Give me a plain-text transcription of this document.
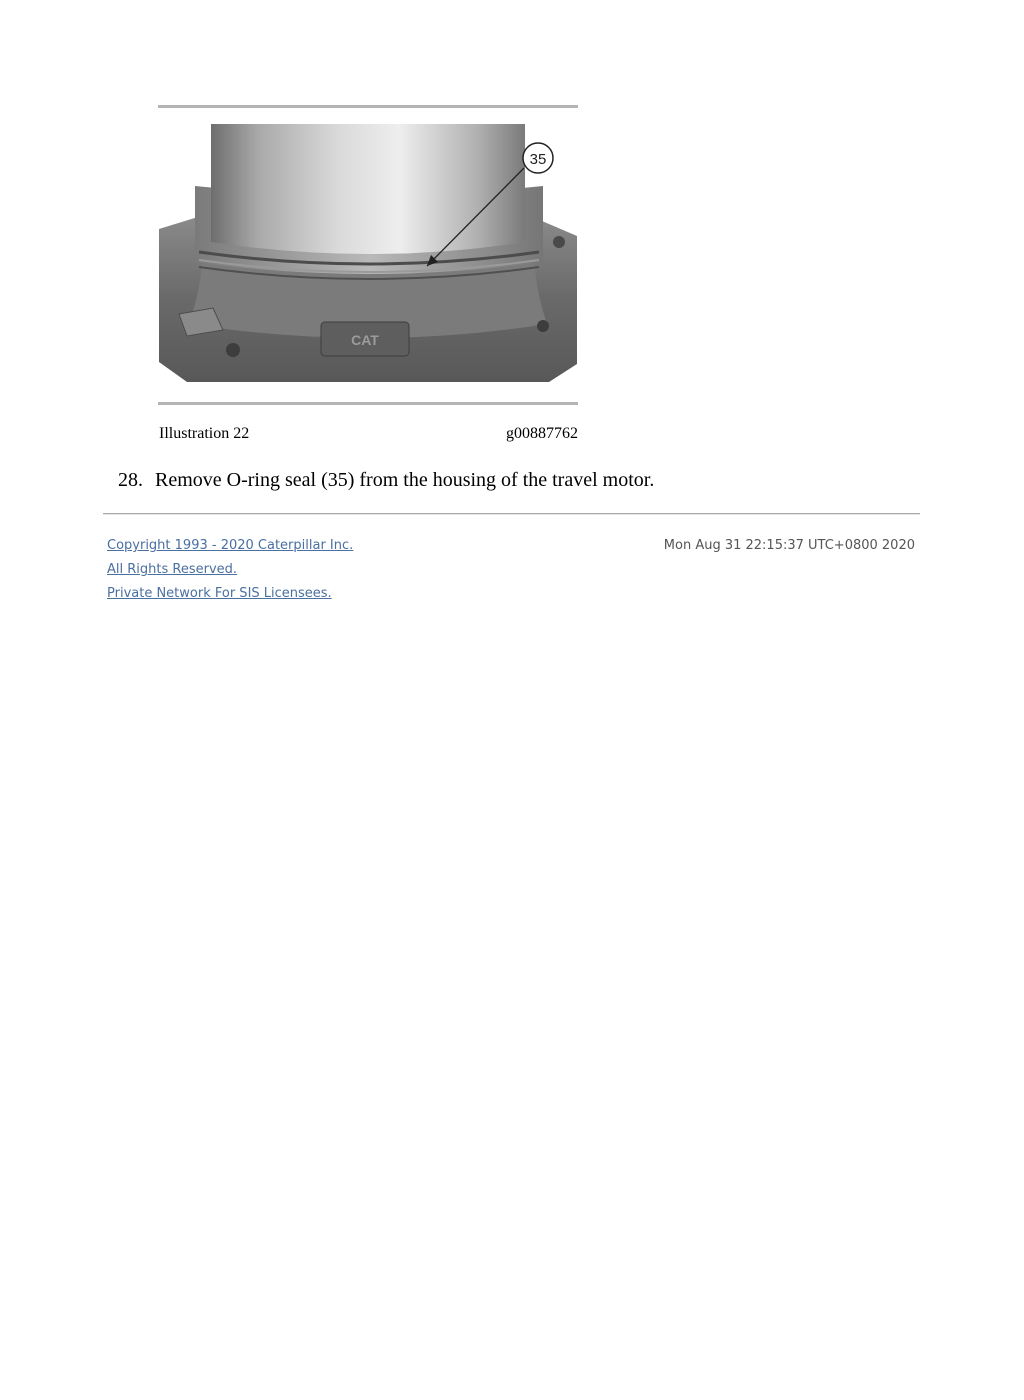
CAT
35
Illustration 22	g00887762
28. Remove O-ring seal (35) from the housing of the travel motor.
Copyright 1993 - 2020 Caterpillar Inc.
All Rights Reserved.
Private Network For SIS Licensees.
Mon Aug 31 22:15:37 UTC+0800 2020
